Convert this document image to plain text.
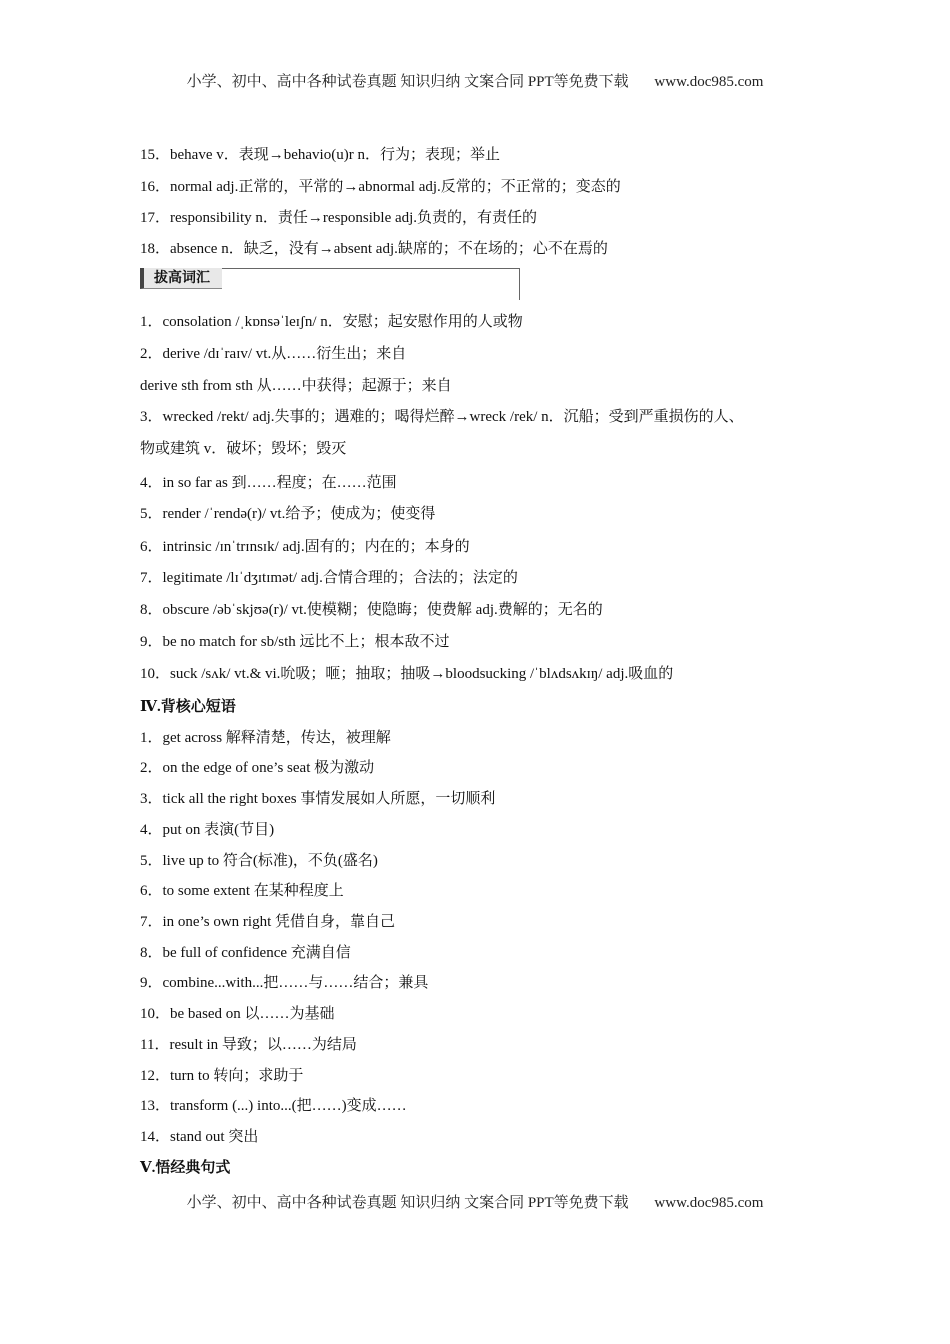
小学、初中、高中各种试卷真题 知识归纳 文案合同 PPT等免费下载 www.doc985.com
15．behave v．表现→behavio(u)r n．行为；表现；举止
16．normal adj.正常的，平常的→abnormal adj.反常的；不正常的；变态的
17．responsibility n．责任→responsible adj.负责的，有责任的
18．absence n．缺乏，没有→absent adj.缺席的；不在场的；心不在焉的
拔高词汇
1．consolation /ˌkɒnsəˈleɪʃn/ n．安慰；起安慰作用的人或物
2．derive /dɪˈraɪv/ vt.从……衍生出；来自
derive sth from sth 从……中获得；起源于；来自
3．wrecked /rekt/ adj.失事的；遇难的；喝得烂醉→wreck /rek/ n．沉船；受到严重损伤的人、
物或建筑 v．破坏；毁坏；毁灭
4．in so far as 到……程度；在……范围
5．render /ˈrendə(r)/ vt.给予；使成为；使变得
6．intrinsic /ɪnˈtrɪnsɪk/ adj.固有的；内在的；本身的
7．legitimate /lɪˈdʒɪtɪmət/ adj.合情合理的；合法的；法定的
8．obscure /əbˈskjʊə(r)/ vt.使模糊；使隐晦；使费解 adj.费解的；无名的
9．be no match for sb/sth 远比不上；根本敌不过
10．suck /sʌk/ vt.& vi.吮吸；咂；抽取；抽吸→bloodsucking /ˈblʌdsʌkɪŋ/ adj.吸血的
Ⅳ.背核心短语
1．get across 解释清楚，传达，被理解
2．on the edge of one’s seat 极为激动
3．tick all the right boxes 事情发展如人所愿，一切顺利
4．put on 表演(节目)
5．live up to 符合(标准)，不负(盛名)
6．to some extent 在某种程度上
7．in one’s own right 凭借自身，靠自己
8．be full of confidence 充满自信
9．combine...with...把……与……结合；兼具
10．be based on 以……为基础
11．result in 导致；以……为结局
12．turn to 转向；求助于
13．transform (...) into...(把……)变成……
14．stand out 突出
Ⅴ.悟经典句式
小学、初中、高中各种试卷真题 知识归纳 文案合同 PPT等免费下载 www.doc985.com
